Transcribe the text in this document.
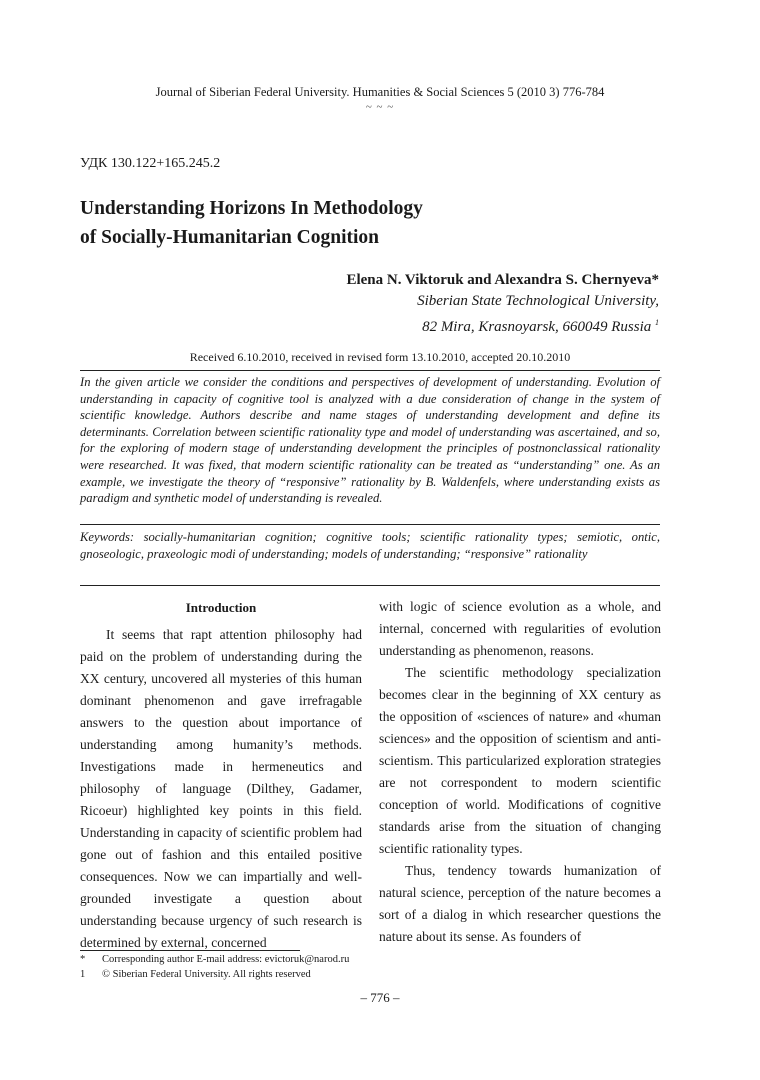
Journal of Siberian Federal University. Humanities & Social Sciences 5 (2010 3) 776-784
~ ~ ~
УДК 130.122+165.245.2
Understanding Horizons In Methodology
of Socially-Humanitarian Cognition
Elena N. Viktoruk and Alexandra S. Chernyeva*
Siberian State Technological University,
82 Mira, Krasnoyarsk, 660049 Russia $^1$
Received 6.10.2010, received in revised form 13.10.2010, accepted 20.10.2010
In the given article we consider the conditions and perspectives of development of understanding. Evolution of understanding in capacity of cognitive tool is analyzed with a due consideration of change in the system of scientific knowledge. Authors describe and name stages of understanding development and define its determinants. Correlation between scientific rationality type and model of understanding was ascertained, and so, for the exploring of modern stage of understanding development the principles of postnonclassical rationality were researched. It was fixed, that modern scientific rationality can be treated as “understanding” one. As an example, we investigate the theory of “responsive” rationality by B. Waldenfels, where understanding exists as paradigm and synthetic model of understanding is revealed.
Keywords: socially-humanitarian cognition; cognitive tools; scientific rationality types; semiotic, ontic, gnoseologic, praxeologic modi of understanding; models of understanding; “responsive” rationality
Introduction

It seems that rapt attention philosophy had paid on the problem of understanding during the XX century, uncovered all mysteries of this human dominant phenomenon and gave irrefragable answers to the question about importance of understanding among humanity’s methods. Investigations made in hermeneutics and philosophy of language (Dilthey, Gadamer, Ricoeur) highlighted key points in this field. Understanding in capacity of scientific problem had gone out of fashion and this entailed positive consequences. Now we can impartially and well-grounded investigate a question about understanding because urgency of such research is determined by external, concerned

with logic of science evolution as a whole, and internal, concerned with regularities of evolution understanding as phenomenon, reasons.

The scientific methodology specialization becomes clear in the beginning of XX century as the opposition of «sciences of nature» and «human sciences» and the opposition of scientism and anti-scientism. This particularized exploration strategies are not correspondent to modern scientific conception of world. Modifications of cognitive standards arise from the situation of changing scientific rationality types.

Thus, tendency towards humanization of natural science, perception of the nature becomes a sort of a dialog in which researcher questions the nature about its sense. As founders of

* Corresponding author E-mail address: evictoruk@narod.ru
1 © Siberian Federal University. All rights reserved
– 776 –
